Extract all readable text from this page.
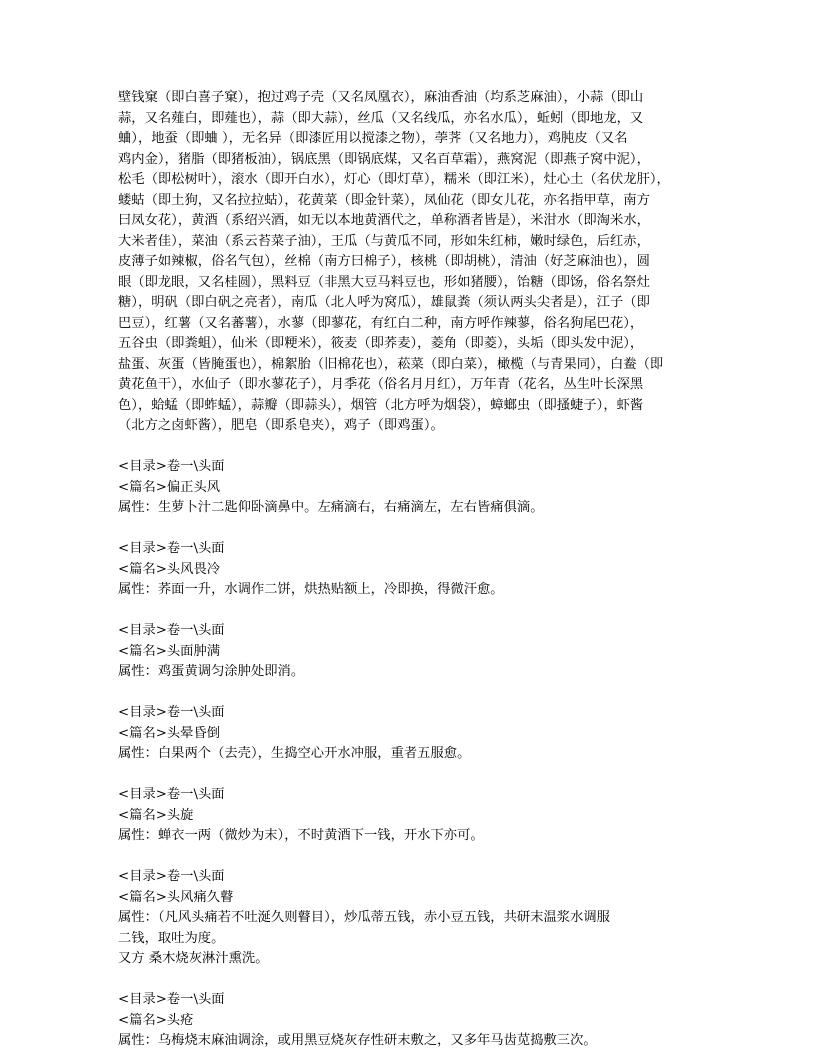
壁钱窠（即白喜子窠），抱过鸡子壳（又名凤凰衣），麻油香油（均系芝麻油），小蒜（即山
蒜，又名薤白，即薤也），蒜（即大蒜），丝瓜（又名线瓜，亦名水瓜），蚯蚓（即地龙，又
蛐），地蚕（即蛐 ），无名异（即漆匠用以搅漆之物），荸荠（又名地力），鸡肫皮（又名
鸡内金），猪脂（即猪板油），锅底黑（即锅底煤，又名百草霜），燕窝泥（即燕子窝中泥），
松毛（即松树叶），滚水（即开白水），灯心（即灯草），糯米（即江米），灶心土（名伏龙肝），
蝼蛄（即土狗，又名拉拉蛄），花黄菜（即金针菜），凤仙花（即女儿花，亦名指甲草，南方
曰凤女花），黄酒（系绍兴酒，如无以本地黄酒代之，单称酒者皆是），米泔水（即淘米水，
大米者佳），菜油（系云苔菜子油），王瓜（与黄瓜不同，形如朱红柿，嫩时绿色，后红赤，
皮薄子如辣椒，俗名气包），丝棉（南方曰棉子），核桃（即胡桃），清油（好芝麻油也），圆
眼（即龙眼，又名桂圆），黑料豆（非黑大豆马料豆也，形如猪腰），饴糖（即饧，俗名祭灶
糖），明矾（即白矾之亮者），南瓜（北人呼为窝瓜），雄鼠粪（须认两头尖者是），江子（即
巴豆），红薯（又名蕃薯），水蓼（即蓼花，有红白二种，南方呼作辣蓼，俗名狗尾巴花），
五谷虫（即粪蛆），仙米（即粳米），筱麦（即荞麦），菱角（即菱），头垢（即头发中泥），
盐蛋、灰蛋（皆腌蛋也），棉絮胎（旧棉花也），菘菜（即白菜），橄榄（与青果同），白鲞（即
黄花鱼干），水仙子（即水蓼花子），月季花（俗名月月红），万年青（花名，丛生叶长深黑
色），蛤蜢（即蚱蜢），蒜瓣（即蒜头），烟管（北方呼为烟袋），蟑螂虫（即搔蜨子），虾酱
（北方之卤虾酱），肥皂（即系皂夹），鸡子（即鸡蛋）。
<目录>卷一\头面
<篇名>偏正头风
属性：生萝卜汁二匙仰卧滴鼻中。左痛滴右，右痛滴左，左右皆痛俱滴。
<目录>卷一\头面
<篇名>头风畏冷
属性：荞面一升，水调作二饼，烘热贴额上，冷即换，得微汗愈。
<目录>卷一\头面
<篇名>头面肿满
属性：鸡蛋黄调匀涂肿处即消。
<目录>卷一\头面
<篇名>头晕昏倒
属性：白果两个（去壳），生捣空心开水冲服，重者五服愈。
<目录>卷一\头面
<篇名>头旋
属性：蝉衣一两（微炒为末），不时黄酒下一钱，开水下亦可。
<目录>卷一\头面
<篇名>头风痛久瞽
属性：（凡风头痛若不吐涎久则瞽目），炒瓜蒂五钱，赤小豆五钱，共研末温浆水调服
二钱，取吐为度。
又方 桑木烧灰淋汁熏洗。
<目录>卷一\头面
<篇名>头疮
属性：乌梅烧末麻油调涂，或用黑豆烧灰存性研末敷之，又多年马齿苋捣敷三次。
